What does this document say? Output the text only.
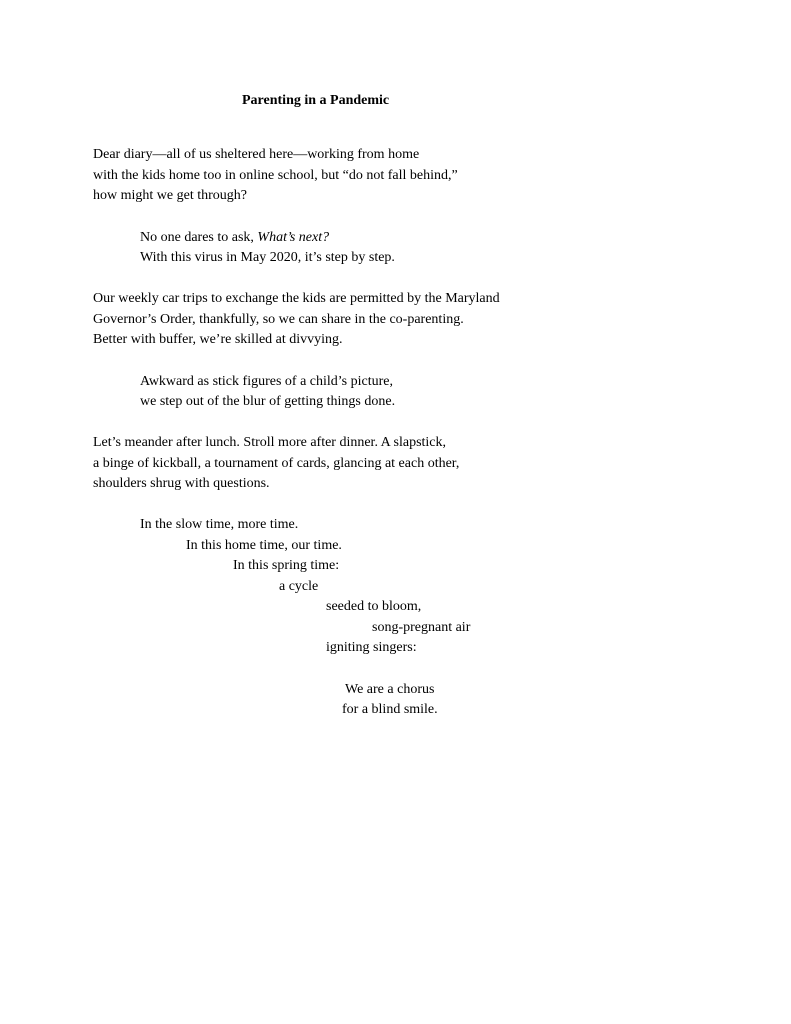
Parenting in a Pandemic
Dear diary—all of us sheltered here—working from home
with the kids home too in online school, but “do not fall behind,”
how might we get through?
No one dares to ask, What’s next?
With this virus in May 2020, it’s step by step.
Our weekly car trips to exchange the kids are permitted by the Maryland
Governor’s Order, thankfully, so we can share in the co-parenting.
Better with buffer, we’re skilled at divvying.
Awkward as stick figures of a child’s picture,
we step out of the blur of getting things done.
Let’s meander after lunch. Stroll more after dinner. A slapstick,
a binge of kickball, a tournament of cards, glancing at each other,
shoulders shrug with questions.
In the slow time, more time.
In this home time, our time.
In this spring time:
a cycle
seeded to bloom,
song-pregnant air
igniting singers:
We are a chorus
for a blind smile.
